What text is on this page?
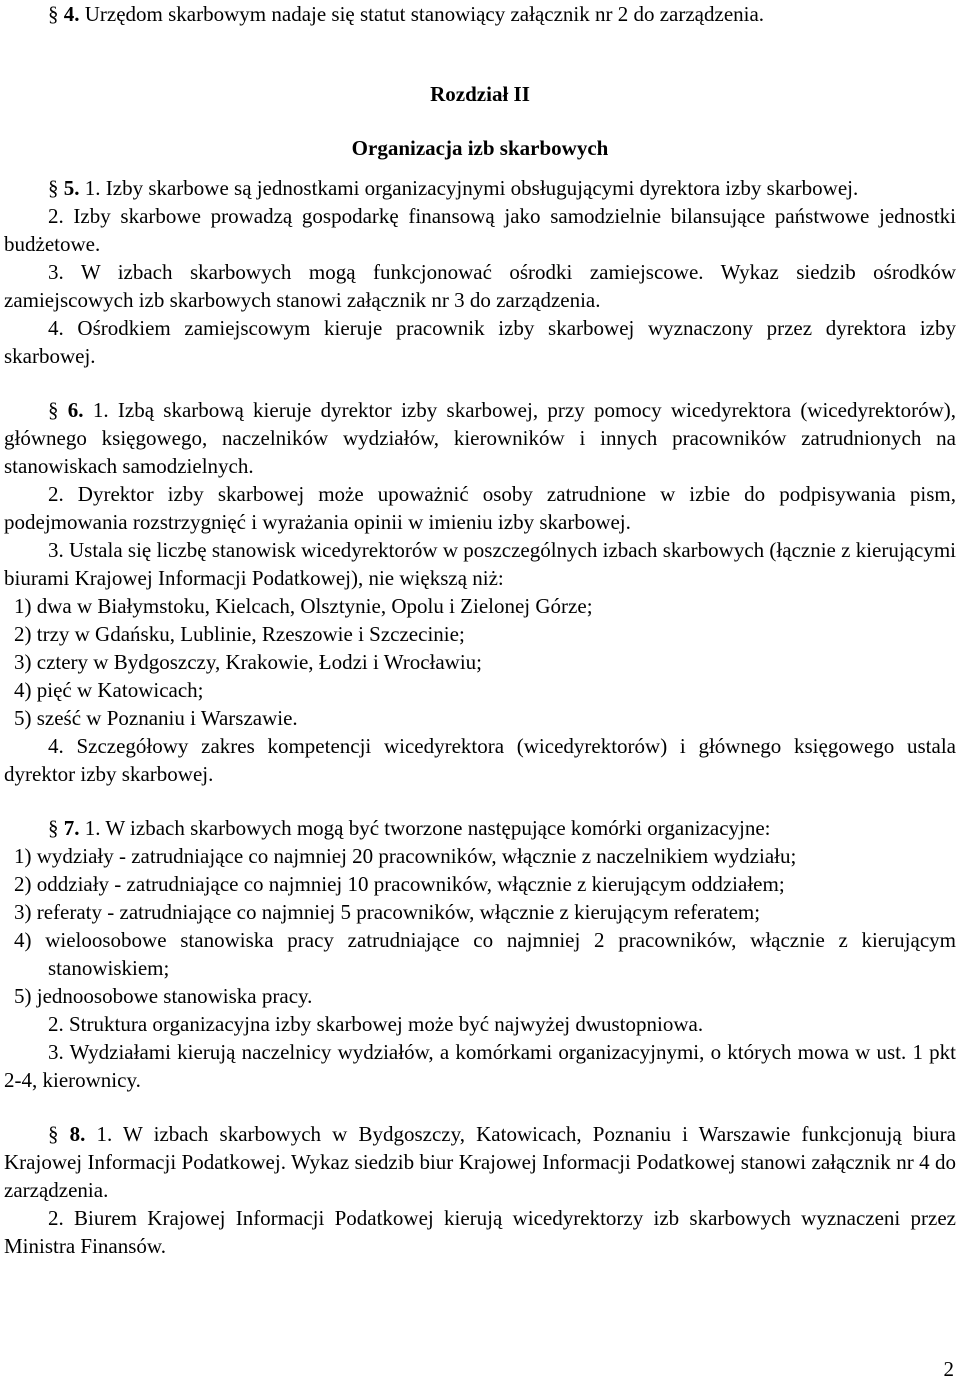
§ 4. Urzędom skarbowym nadaje się statut stanowiący załącznik nr 2 do zarządzenia.

Rozdział II

Organizacja izb skarbowych

§ 5. 1. Izby skarbowe są jednostkami organizacyjnymi obsługującymi dyrektora izby skarbowej.

2. Izby skarbowe prowadzą gospodarkę finansową jako samodzielnie bilansujące państwowe jednostki budżetowe.

3. W izbach skarbowych mogą funkcjonować ośrodki zamiejscowe. Wykaz siedzib ośrodków zamiejscowych izb skarbowych stanowi załącznik nr 3 do zarządzenia.

4. Ośrodkiem zamiejscowym kieruje pracownik izby skarbowej wyznaczony przez dyrektora izby skarbowej.

§ 6. 1. Izbą skarbową kieruje dyrektor izby skarbowej, przy pomocy wicedyrektora (wicedyrektorów), głównego księgowego, naczelników wydziałów, kierowników i innych pracowników zatrudnionych na stanowiskach samodzielnych.

2. Dyrektor izby skarbowej może upoważnić osoby zatrudnione w izbie do podpisywania pism, podejmowania rozstrzygnięć i wyrażania opinii w imieniu izby skarbowej.

3. Ustala się liczbę stanowisk wicedyrektorów w poszczególnych izbach skarbowych (łącznie z kierującymi biurami Krajowej Informacji Podatkowej), nie większą niż:

1) dwa w Białymstoku, Kielcach, Olsztynie, Opolu i Zielonej Górze;

2) trzy w Gdańsku, Lublinie, Rzeszowie i Szczecinie;

3) cztery w Bydgoszczy, Krakowie, Łodzi i Wrocławiu;

4) pięć w Katowicach;

5) sześć w Poznaniu i Warszawie.

4. Szczegółowy zakres kompetencji wicedyrektora (wicedyrektorów) i głównego księgowego ustala dyrektor izby skarbowej.

§ 7. 1. W izbach skarbowych mogą być tworzone następujące komórki organizacyjne:

1) wydziały - zatrudniające co najmniej 20 pracowników, włącznie z naczelnikiem wydziału;

2) oddziały - zatrudniające co najmniej 10 pracowników, włącznie z kierującym oddziałem;

3) referaty - zatrudniające co najmniej 5 pracowników, włącznie z kierującym referatem;

4) wieloosobowe stanowiska pracy zatrudniające co najmniej 2 pracowników, włącznie z kierującym stanowiskiem;

5) jednoosobowe stanowiska pracy.

2. Struktura organizacyjna izby skarbowej może być najwyżej dwustopniowa.

3. Wydziałami kierują naczelnicy wydziałów, a komórkami organizacyjnymi, o których mowa w ust. 1 pkt 2-4, kierownicy.

§ 8. 1. W izbach skarbowych w Bydgoszczy, Katowicach, Poznaniu i Warszawie funkcjonują biura Krajowej Informacji Podatkowej. Wykaz siedzib biur Krajowej Informacji Podatkowej stanowi załącznik nr 4 do zarządzenia.

2. Biurem Krajowej Informacji Podatkowej kierują wicedyrektorzy izb skarbowych wyznaczeni przez Ministra Finansów.

2
